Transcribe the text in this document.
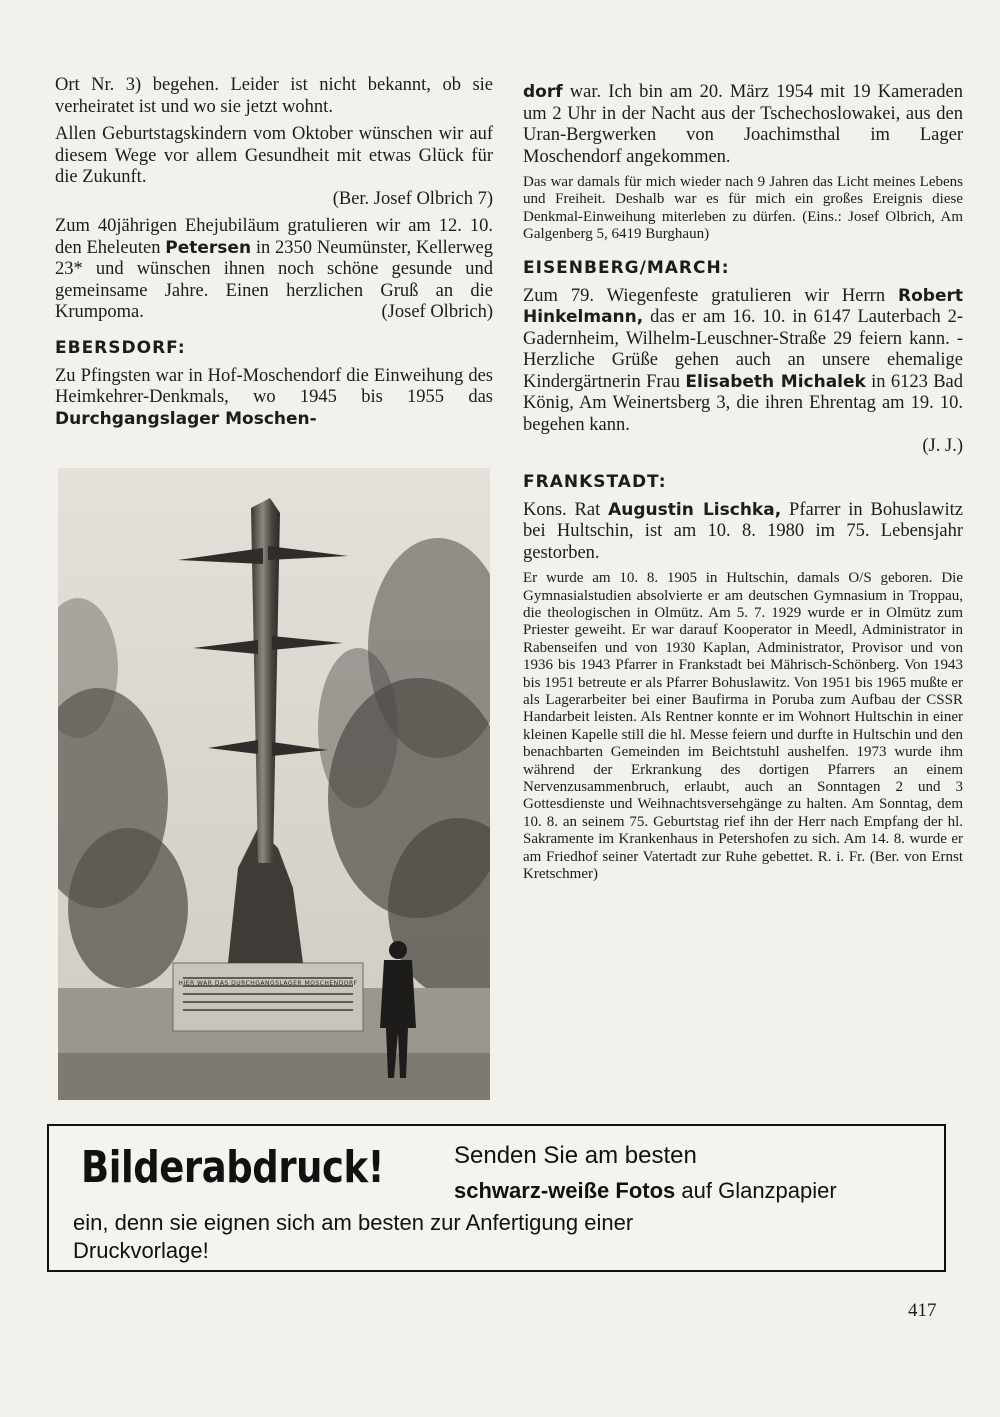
Ort Nr. 3) begehen. Leider ist nicht bekannt, ob sie verheiratet ist und wo sie jetzt wohnt.

Allen Geburtstagskindern vom Oktober wünschen wir auf diesem Wege vor allem Gesundheit mit etwas Glück für die Zukunft.

(Ber. Josef Olbrich 7)

Zum 40jährigen Ehejubiläum gratulieren wir am 12. 10. den Eheleuten Petersen in 2350 Neumünster, Kellerweg 23* und wünschen ihnen noch schöne gesunde und gemeinsame Jahre. Einen herzlichen Gruß an die Krumpoma.	(Josef Olbrich)

EBERSDORF:

Zu Pfingsten war in Hof-Moschendorf die Einweihung des Heimkehrer-Denkmals, wo 1945 bis 1955 das Durchgangslager Moschen-

HIER WAR DAS DURCHGANGSLAGER MOSCHENDORF

dorf war. Ich bin am 20. März 1954 mit 19 Kameraden um 2 Uhr in der Nacht aus der Tschechoslowakei, aus den Uran-Bergwerken von Joachimsthal im Lager Moschendorf angekommen.

Das war damals für mich wieder nach 9 Jahren das Licht meines Lebens und Freiheit. Deshalb war es für mich ein großes Ereignis diese Denkmal-Einweihung miterleben zu dürfen. (Eins.: Josef Olbrich, Am Galgenberg 5, 6419 Burghaun)

EISENBERG/MARCH:

Zum 79. Wiegenfeste gratulieren wir Herrn Robert Hinkelmann, das er am 16. 10. in 6147 Lauterbach 2-Gadernheim, Wilhelm-Leuschner-Straße 29 feiern kann. - Herzliche Grüße gehen auch an unsere ehemalige Kindergärtnerin Frau Elisabeth Michalek in 6123 Bad König, Am Weinertsberg 3, die ihren Ehrentag am 19. 10. begehen kann.
(J. J.)

FRANKSTADT:

Kons. Rat Augustin Lischka, Pfarrer in Bohuslawitz bei Hultschin, ist am 10. 8. 1980 im 75. Lebensjahr gestorben.

Er wurde am 10. 8. 1905 in Hultschin, damals O/S geboren. Die Gymnasialstudien absolvierte er am deutschen Gymnasium in Troppau, die theologischen in Olmütz. Am 5. 7. 1929 wurde er in Olmütz zum Priester geweiht. Er war darauf Kooperator in Meedl, Administrator in Rabenseifen und von 1930 Kaplan, Administrator, Provisor und von 1936 bis 1943 Pfarrer in Frankstadt bei Mährisch-Schönberg. Von 1943 bis 1951 betreute er als Pfarrer Bohuslawitz. Von 1951 bis 1965 mußte er als Lagerarbeiter bei einer Baufirma in Poruba zum Aufbau der CSSR Handarbeit leisten. Als Rentner konnte er im Wohnort Hultschin in einer kleinen Kapelle still die hl. Messe feiern und durfte in Hultschin und den benachbarten Gemeinden im Beichtstuhl aushelfen. 1973 wurde ihm während der Erkrankung des dortigen Pfarrers an einem Nervenzusammenbruch, erlaubt, auch an Sonntagen 2 und 3 Gottesdienste und Weihnachtsversehgänge zu halten. Am Sonntag, dem 10. 8. an seinem 75. Geburtstag rief ihn der Herr nach Empfang der hl. Sakramente im Krankenhaus in Petershofen zu sich. Am 14. 8. wurde er am Friedhof seiner Vatertadt zur Ruhe gebettet. R. i. Fr. (Ber. von Ernst Kretschmer)

Bilderabdruck!	Senden Sie am besten
schwarz-weiße Fotos auf Glanzpapier
ein, denn sie eignen sich am besten zur Anfertigung einer
Druckvorlage!
417
